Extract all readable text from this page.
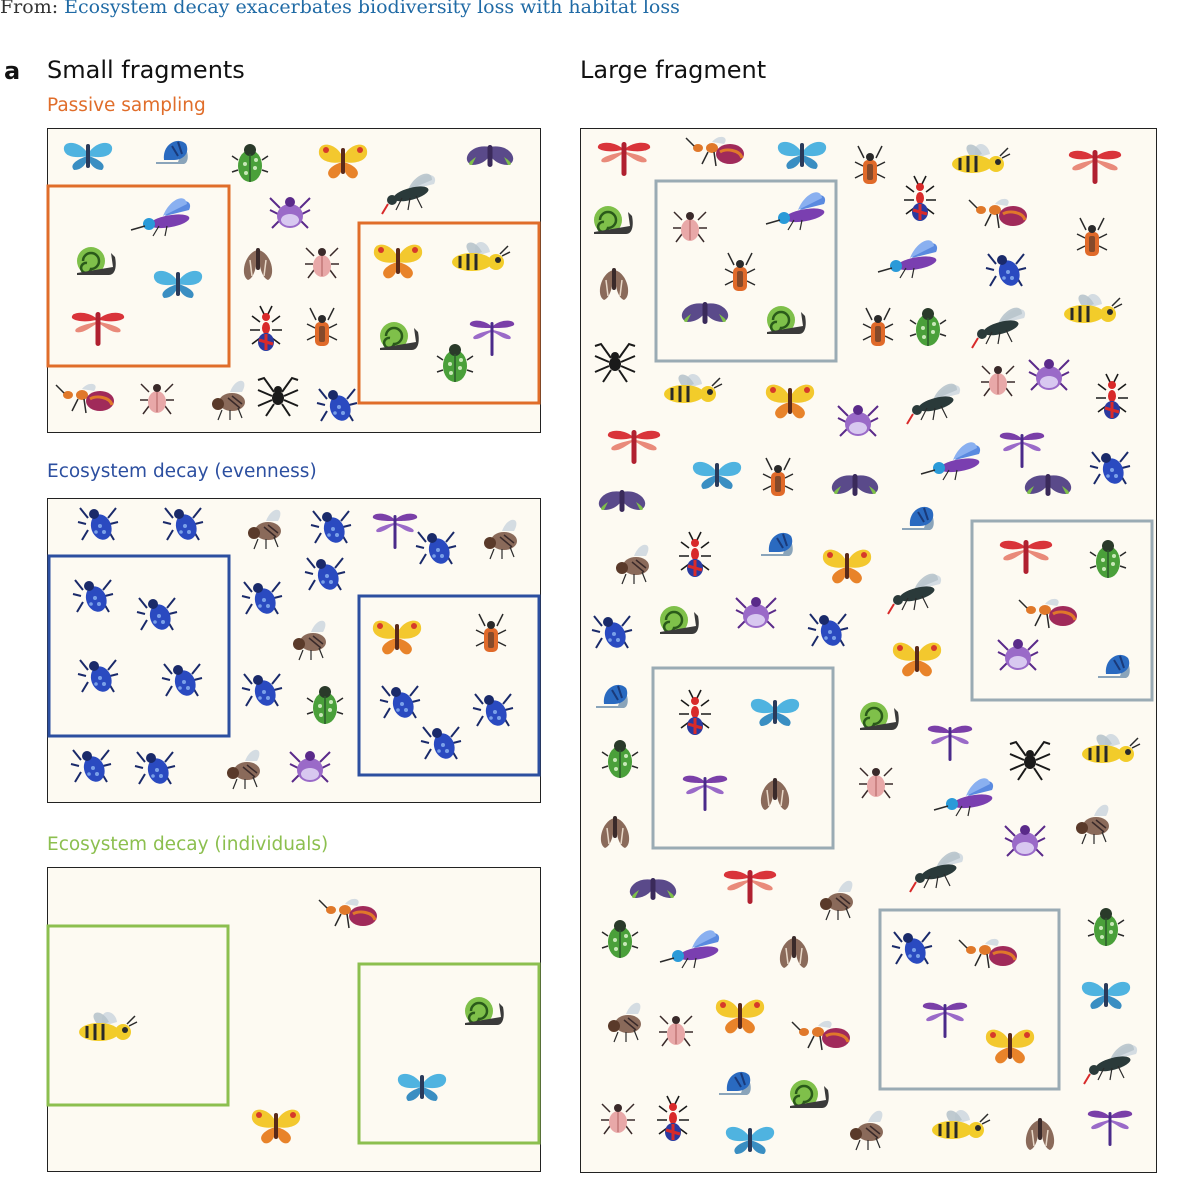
From: Ecosystem decay exacerbates biodiversity loss with habitat loss
a Small fragments	Large fragment
Passive sampling
Ecosystem decay (evenness)
Ecosystem decay (individuals)
